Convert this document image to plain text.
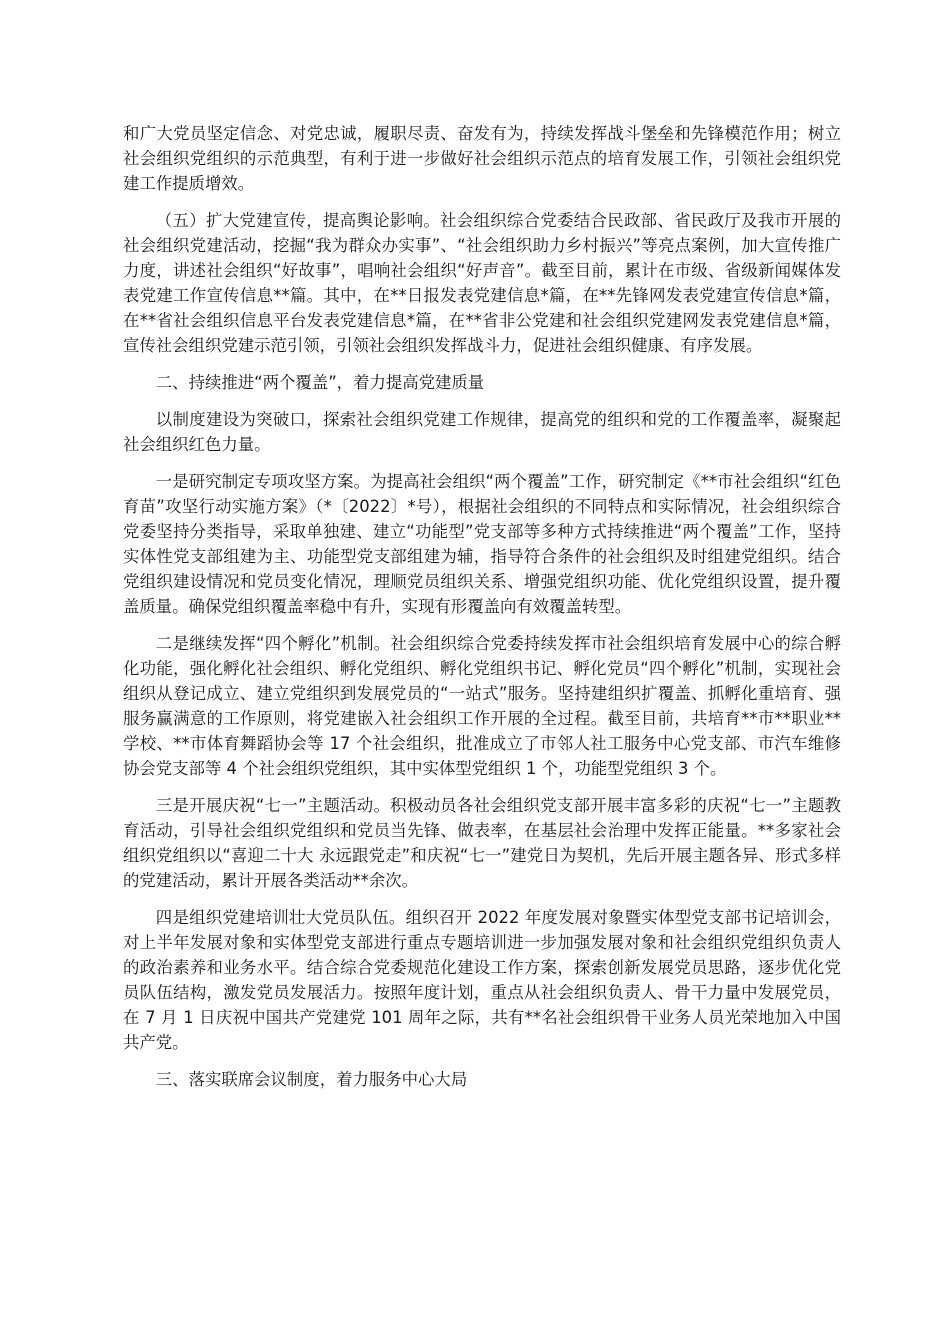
和广大党员坚定信念、对党忠诚，履职尽责、奋发有为，持续发挥战斗堡垒和先锋模范作用；树立社会组织党组织的示范典型，有利于进一步做好社会组织示范点的培育发展工作，引领社会组织党建工作提质增效。

（五）扩大党建宣传，提高舆论影响。社会组织综合党委结合民政部、省民政厅及我市开展的社会组织党建活动，挖掘“我为群众办实事”、“社会组织助力乡村振兴”等亮点案例，加大宣传推广力度，讲述社会组织“好故事”，唱响社会组织“好声音”。截至目前，累计在市级、省级新闻媒体发表党建工作宣传信息**篇。其中，在**日报发表党建信息*篇，在**先锋网发表党建宣传信息*篇，在**省社会组织信息平台发表党建信息*篇，在**省非公党建和社会组织党建网发表党建信息*篇，宣传社会组织党建示范引领，引领社会组织发挥战斗力，促进社会组织健康、有序发展。

二、持续推进“两个覆盖”，着力提高党建质量

以制度建设为突破口，探索社会组织党建工作规律，提高党的组织和党的工作覆盖率，凝聚起社会组织红色力量。

一是研究制定专项攻坚方案。为提高社会组织“两个覆盖”工作，研究制定《**市社会组织“红色育苗”攻坚行动实施方案》（*〔2022〕*号），根据社会组织的不同特点和实际情况，社会组织综合党委坚持分类指导，采取单独建、建立“功能型”党支部等多种方式持续推进“两个覆盖”工作，坚持实体性党支部组建为主、功能型党支部组建为辅，指导符合条件的社会组织及时组建党组织。结合党组织建设情况和党员变化情况，理顺党员组织关系、增强党组织功能、优化党组织设置，提升覆盖质量。确保党组织覆盖率稳中有升，实现有形覆盖向有效覆盖转型。

二是继续发挥“四个孵化”机制。社会组织综合党委持续发挥市社会组织培育发展中心的综合孵化功能，强化孵化社会组织、孵化党组织、孵化党组织书记、孵化党员“四个孵化”机制，实现社会组织从登记成立、建立党组织到发展党员的“一站式”服务。坚持建组织扩覆盖、抓孵化重培育、强服务赢满意的工作原则，将党建嵌入社会组织工作开展的全过程。截至目前，共培育**市**职业**学校、**市体育舞蹈协会等 17 个社会组织，批准成立了市邻人社工服务中心党支部、市汽车维修协会党支部等 4 个社会组织党组织，其中实体型党组织 1 个，功能型党组织 3 个。

三是开展庆祝“七一”主题活动。积极动员各社会组织党支部开展丰富多彩的庆祝“七一”主题教育活动，引导社会组织党组织和党员当先锋、做表率，在基层社会治理中发挥正能量。**多家社会组织党组织以“喜迎二十大 永远跟党走”和庆祝“七一”建党日为契机，先后开展主题各异、形式多样的党建活动，累计开展各类活动**余次。

四是组织党建培训壮大党员队伍。组织召开 2022 年度发展对象暨实体型党支部书记培训会，对上半年发展对象和实体型党支部进行重点专题培训进一步加强发展对象和社会组织党组织负责人的政治素养和业务水平。结合综合党委规范化建设工作方案，探索创新发展党员思路，逐步优化党员队伍结构，激发党员发展活力。按照年度计划，重点从社会组织负责人、骨干力量中发展党员，在 7 月 1 日庆祝中国共产党建党 101 周年之际，共有**名社会组织骨干业务人员光荣地加入中国共产党。

三、落实联席会议制度，着力服务中心大局
